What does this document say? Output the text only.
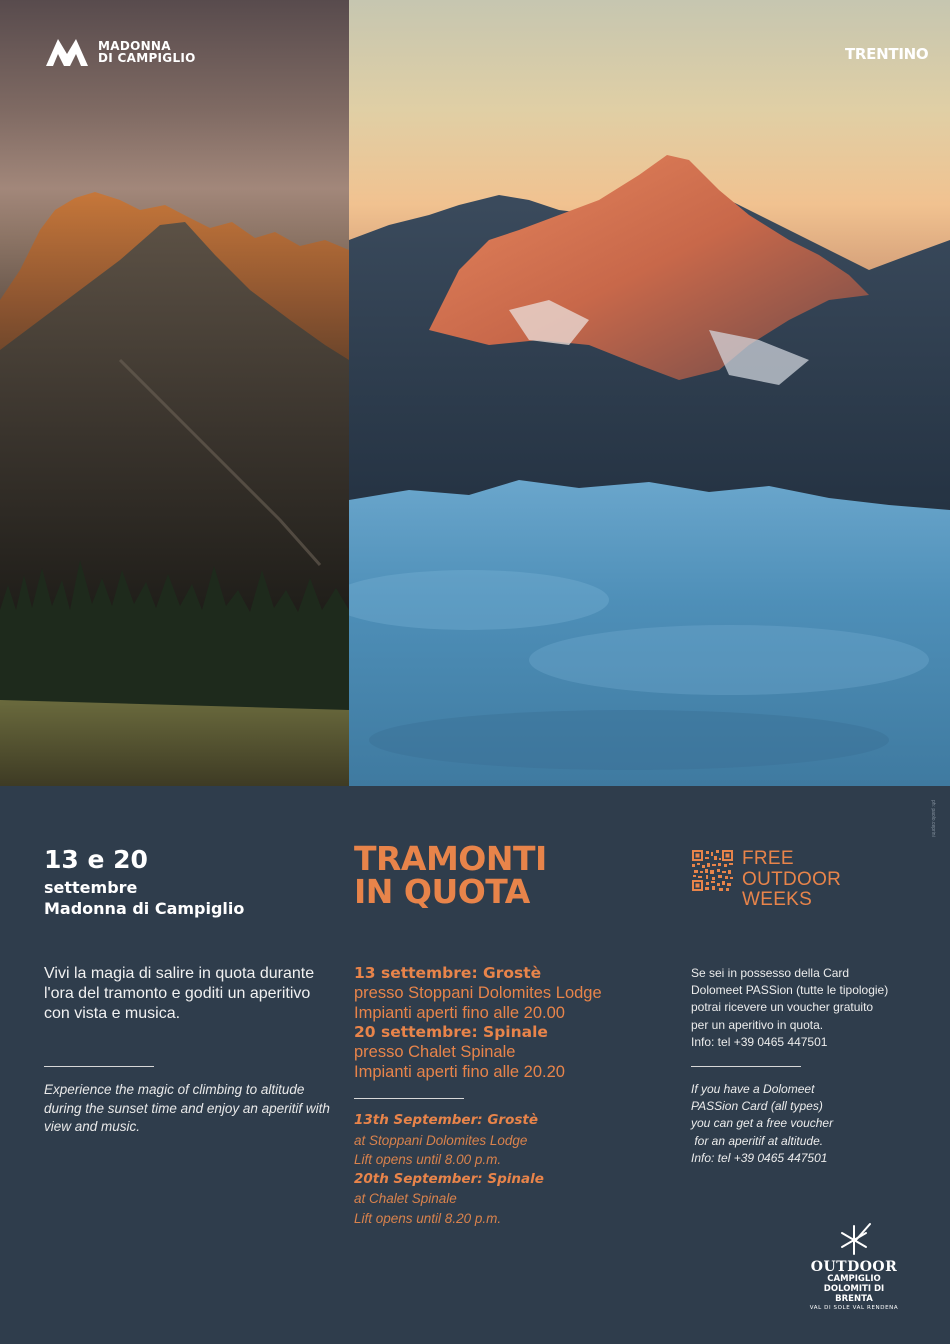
MADONNA
DI CAMPIGLIO	TRENTINO
ph: paolo.ceprini
13 e 20
settembre
Madonna di Campiglio
Vivi la magia di salire in quota durante l'ora del tramonto e goditi un aperitivo con vista e musica.
Experience the magic of climbing to altitude during the sunset time and enjoy an aperitif with view and music.
TRAMONTI
IN QUOTA
13 settembre: Grostè
presso Stoppani Dolomites Lodge
Impianti aperti fino alle 20.00
20 settembre: Spinale
presso Chalet Spinale
Impianti aperti fino alle 20.20
13th September: Grostè
at Stoppani Dolomites Lodge
Lift opens until 8.00 p.m.
20th September: Spinale
at Chalet Spinale
Lift opens until 8.20 p.m.
FREE
OUTDOOR
WEEKS
Se sei in possesso della Card
Dolomeet PASSion (tutte le tipologie)
potrai ricevere un voucher gratuito
per un aperitivo in quota.
Info: tel +39 0465 447501
If you have a Dolomeet
PASSion Card (all types)
you can get a free voucher
for an aperitif at altitude.
Info: tel +39 0465 447501
OUTDOOR
CAMPIGLIO
DOLOMITI DI BRENTA
VAL DI SOLE VAL RENDENA
